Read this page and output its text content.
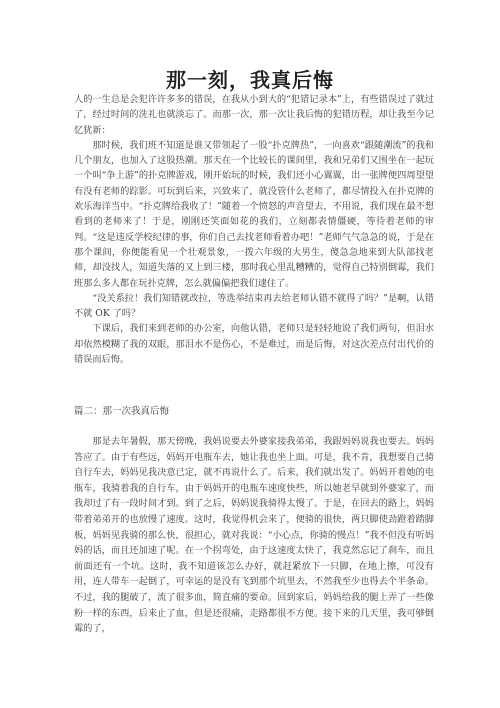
那一刻，我真后悔

人的一生总是会犯许许多多的错误，在我从小到大的“犯错记录本”上，有些错误过了就过了，经过时间的洗礼也就淡忘了。而那一次，那一次让我后悔的犯错历程，却让我至今记忆犹新：

那时候，我们班不知道是谁又带领起了一股“扑克牌热”，一向喜欢“跟随潮流”的我和几个朋友，也加入了这股热潮。那天在一个比较长的课间里，我和兄弟们又围坐在一起玩一个叫“争上游”的扑克牌游戏，刚开始玩的时候，我们还小心翼翼，出一张牌便四周望望有没有老师的踪影。可玩到后来，兴致来了，就没管什么老师了，都尽情投入在扑克牌的欢乐海洋当中。“扑克牌给我收了！”随着一个愤怒的声音望去，不用说，我们现在最不想看到的老师来了！于是，刚刚还笑面如花的我们，立刻都表情僵硬，等待着老师的审判。“这是违反学校纪律的事，你们自己去找老师看着办吧！”老师气气急急的说，于是在那个课间，你便能看见一个壮观景象，一拨六年级的大男生，傻急急地来到大队部找老师，却没找人，知道失落的又上到三楼，那时我心里乱糟糟的，觉得自己特别倒霉，我们班那么多人都在玩扑克牌，怎么就偏偏把我们逮住了。

“没关系拉！我们知错就改拉，等选举结束再去给老师认错不就得了吗？”是啊，认错不就 OK 了吗？

下课后，我们来到老师的办公室，向他认错，老师只是轻轻地说了我们两句，但泪水却依然模糊了我的双眼，那泪水不是伤心，不是难过，而是后悔，对这次差点付出代价的错误而后悔。

篇二：那一次我真后悔

那是去年暑假，那天傍晚，我妈说要去外婆家接我弟弟，我跟妈妈说我也要去。妈妈答应了。由于有些远，妈妈开电瓶车去，她让我也坐上面。可是，我不肯，我想要自己骑自行车去，妈妈见我决意已定，就不再说什么了。后来，我们就出发了。妈妈开着她的电瓶车，我骑着我的自行车，由于妈妈开的电瓶车速度快些，所以她老早就到外婆家了，而我却过了有一段时间才到。到了之后，妈妈说我骑得太慢了。于是，在回去的路上，妈妈带着弟弟开的也放慢了速度。这时，我觉得机会来了，便骑的很快，两只脚使劲蹬着踏脚板，妈妈见我骑的那么快，很担心，就对我说：“小心点，你骑的慢点！”我不但没有听妈妈的话，而且还加速了呢。在一个拐弯处，由于这速度太快了，我竟然忘记了刹车，而且前面还有一个坑。这时，我不知道该怎么办好，就赶紧放下一只脚，在地上擦，可没有用，连人带车一起倒了，可幸运的是没有飞到那个坑里去，不然我至少也得去个半条命。不过，我的腿破了，流了很多血，简直痛的要命。回到家后，妈妈给我的腿上弄了一些像粉一样的东西，后来止了血，但是还很痛，走路都很不方便。接下来的几天里，我可够倒霉的了，
